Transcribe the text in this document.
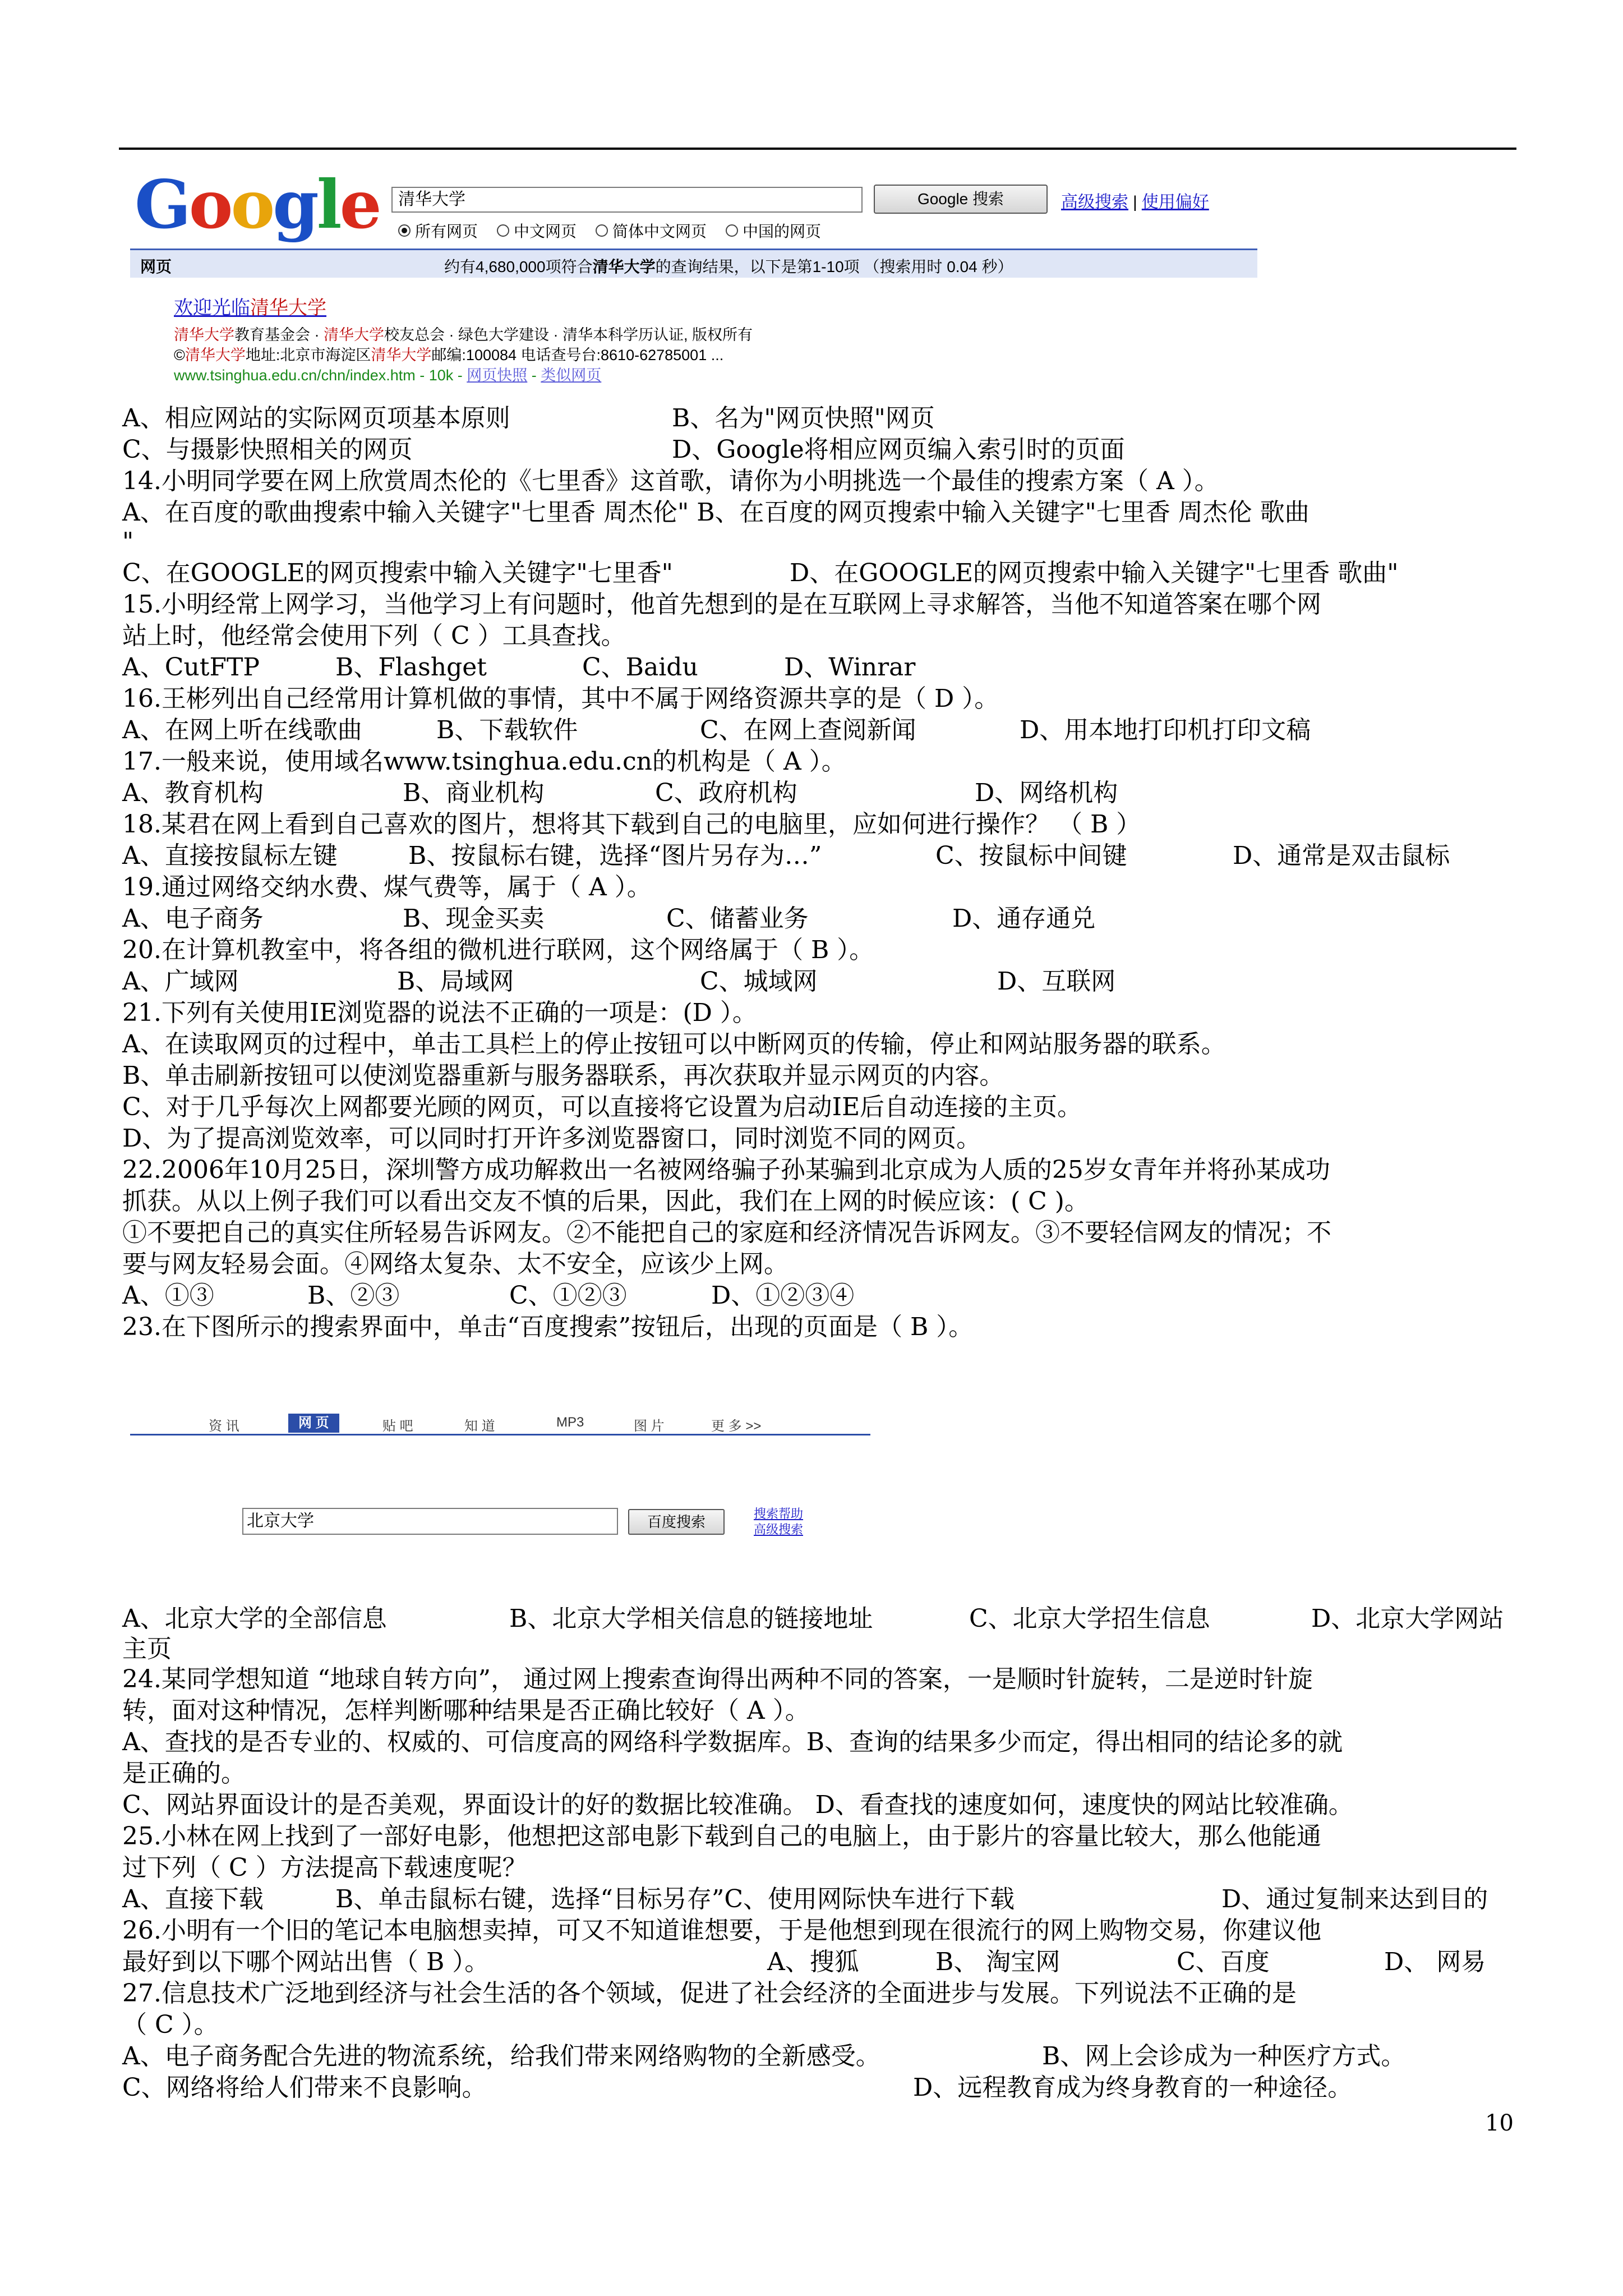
Google	清华大学	Google 搜索	高级搜索 | 使用偏好
所有网页 中文网页 简体中文网页 中国的网页
网页	约有4,680,000项符合清华大学的查询结果，以下是第1-10项 （搜索用时 0.04 秒）
欢迎光临清华大学
清华大学教育基金会 · 清华大学校友总会 · 绿色大学建设 · 清华本科学历认证, 版权所有
©清华大学地址:北京市海淀区清华大学邮编:100084 电话查号台:8610-62785001 ...
www.tsinghua.edu.cn/chn/index.htm - 10k - 网页快照 - 类似网页
A、相应网站的实际网页项基本原则	B、名为"网页快照"网页
C、与摄影快照相关的网页	D、Google将相应网页编入索引时的页面
14.小明同学要在网上欣赏周杰伦的《七里香》这首歌，请你为小明挑选一个最佳的搜索方案（ A ）。
A、在百度的歌曲搜索中输入关键字"七里香 周杰伦" B、在百度的网页搜索中输入关键字"七里香 周杰伦 歌曲
"
C、在GOOGLE的网页搜索中输入关键字"七里香"	D、在GOOGLE的网页搜索中输入关键字"七里香 歌曲"
15.小明经常上网学习，当他学习上有问题时，他首先想到的是在互联网上寻求解答，当他不知道答案在哪个网
站上时，他经常会使用下列（ C ）工具查找。
A、CutFTP	B、Flashget	C、Baidu	D、Winrar
16.王彬列出自己经常用计算机做的事情，其中不属于网络资源共享的是（ D ）。
A、在网上听在线歌曲	B、下载软件	C、在网上查阅新闻	D、用本地打印机打印文稿
17.一般来说，使用域名www.tsinghua.edu.cn的机构是（ A ）。
A、教育机构	B、商业机构	C、政府机构	D、网络机构
18.某君在网上看到自己喜欢的图片，想将其下载到自己的电脑里，应如何进行操作？ （ B ）
A、直接按鼠标左键	B、按鼠标右键，选择“图片另存为…”	C、按鼠标中间键	D、通常是双击鼠标
19.通过网络交纳水费、煤气费等，属于（ A ）。
A、电子商务	B、现金买卖	C、储蓄业务	D、通存通兑
20.在计算机教室中，将各组的微机进行联网，这个网络属于（ B ）。
A、广域网	B、局域网	C、城域网	D、互联网
21.下列有关使用IE浏览器的说法不正确的一项是：(D ）。
A、在读取网页的过程中，单击工具栏上的停止按钮可以中断网页的传输，停止和网站服务器的联系。
B、单击刷新按钮可以使浏览器重新与服务器联系，再次获取并显示网页的内容。
C、对于几乎每次上网都要光顾的网页，可以直接将它设置为启动IE后自动连接的主页。
D、为了提高浏览效率，可以同时打开许多浏览器窗口，同时浏览不同的网页。
22.2006年10月25日，深圳警方成功解救出一名被网络骗子孙某骗到北京成为人质的25岁女青年并将孙某成功
抓获。从以上例子我们可以看出交友不慎的后果，因此，我们在上网的时候应该：( C )。
①不要把自己的真实住所轻易告诉网友。②不能把自己的家庭和经济情况告诉网友。③不要轻信网友的情况；不
要与网友轻易会面。④网络太复杂、太不安全，应该少上网。
A、①③	B、②③	C、①②③	D、①②③④
23.在下图所示的搜索界面中，单击“百度搜索”按钮后，出现的页面是（ B ）。
资 讯	网 页	贴 吧	知 道	MP3	图 片	更 多 >>
北京大学	百度搜索	搜索帮助
高级搜索
A、北京大学的全部信息	B、北京大学相关信息的链接地址	C、北京大学招生信息	D、北京大学网站
主页
24.某同学想知道 “地球自转方向”， 通过网上搜索查询得出两种不同的答案，一是顺时针旋转，二是逆时针旋
转，面对这种情况，怎样判断哪种结果是否正确比较好（ A ）。
A、查找的是否专业的、权威的、可信度高的网络科学数据库。B、查询的结果多少而定，得出相同的结论多的就
是正确的。
C、网站界面设计的是否美观，界面设计的好的数据比较准确。 D、看查找的速度如何，速度快的网站比较准确。
25.小林在网上找到了一部好电影，他想把这部电影下载到自己的电脑上，由于影片的容量比较大，那么他能通
过下列（ C ）方法提高下载速度呢？
A、直接下载	B、单击鼠标右键，选择“目标另存”C、使用网际快车进行下载	D、通过复制来达到目的
26.小明有一个旧的笔记本电脑想卖掉，可又不知道谁想要，于是他想到现在很流行的网上购物交易，你建议他
最好到以下哪个网站出售（ B ）。	A、搜狐	B、 淘宝网	C、百度	D、 网易
27.信息技术广泛地到经济与社会生活的各个领域，促进了社会经济的全面进步与发展。下列说法不正确的是
（ C ）。
A、电子商务配合先进的物流系统，给我们带来网络购物的全新感受。	B、网上会诊成为一种医疗方式。
C、网络将给人们带来不良影响。	D、远程教育成为终身教育的一种途径。
10
